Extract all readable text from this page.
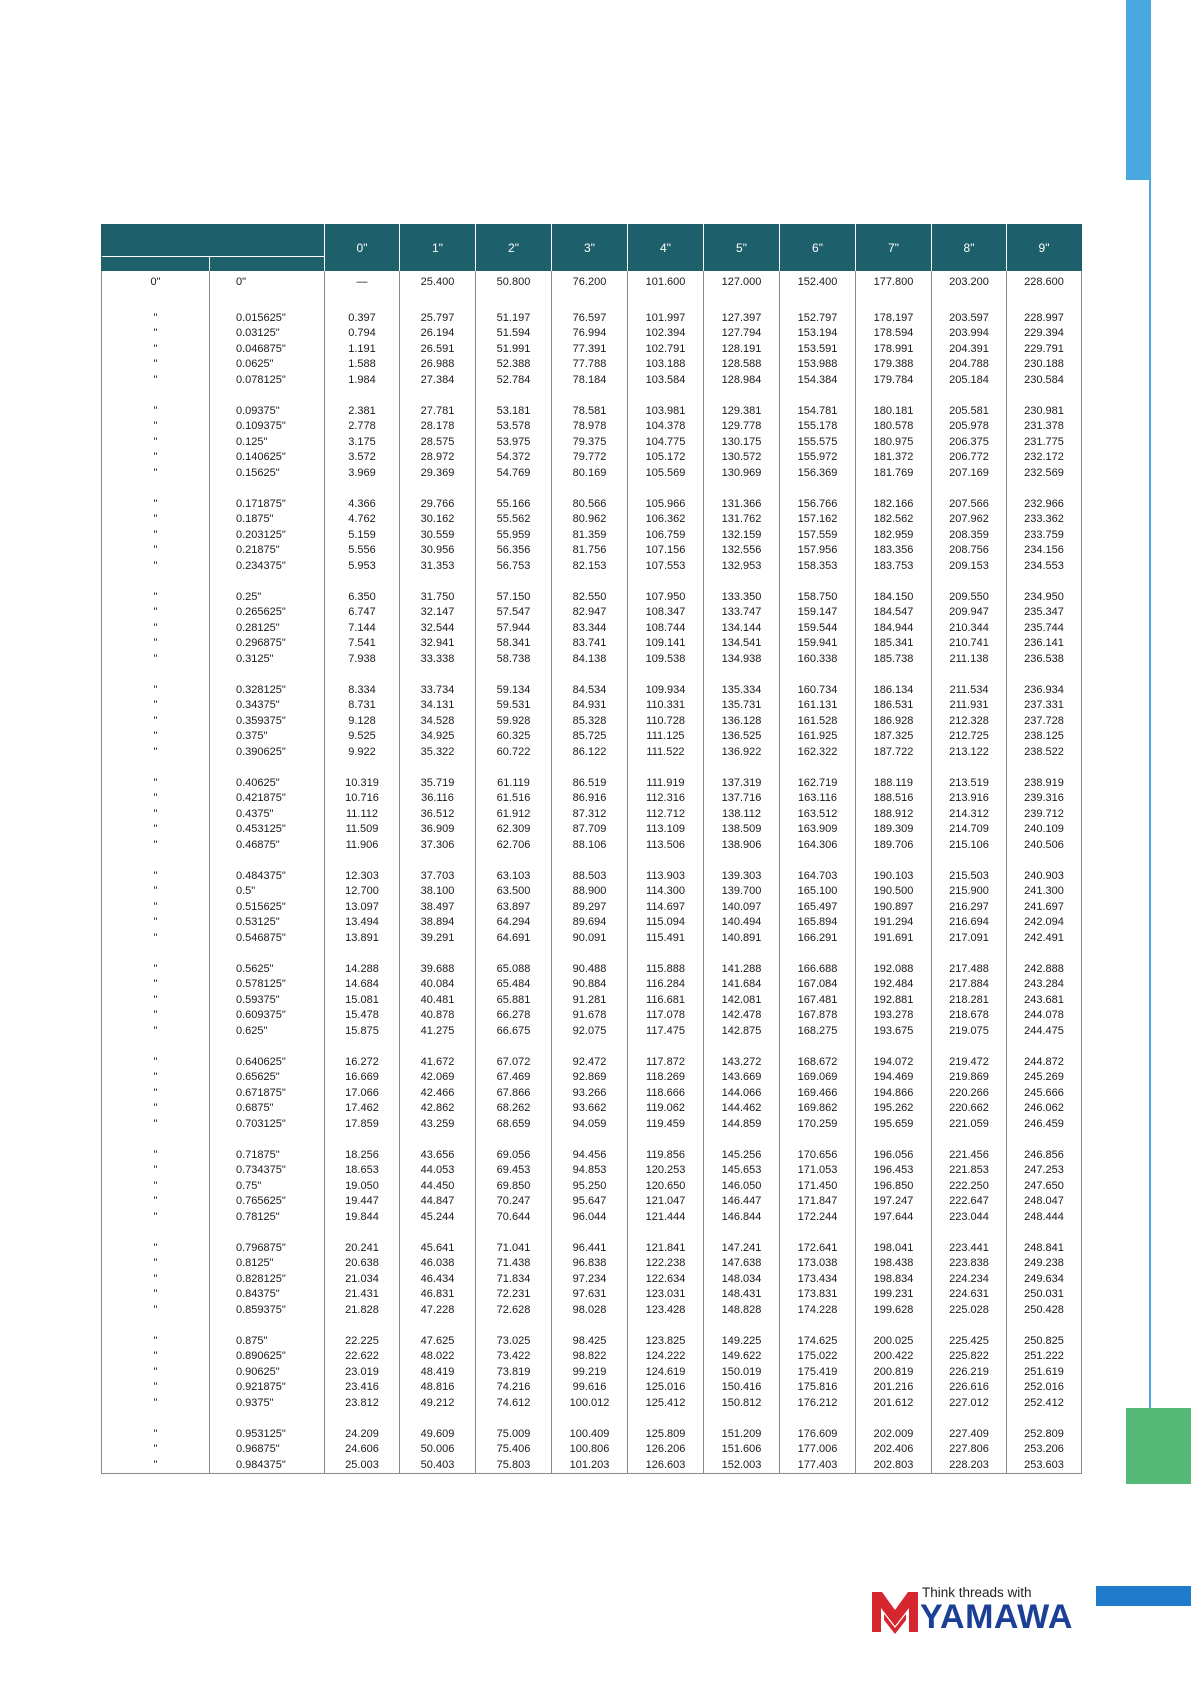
		0"	1"	2"	3"	4"	5"	6"	7"	8"	9"

0"	0"	—	25.400	50.800	76.200	101.600	127.000	152.400	177.800	203.200	228.600

"	0.015625"	0.397	25.797	51.197	76.597	101.997	127.397	152.797	178.197	203.597	228.997
"	0.03125"	0.794	26.194	51.594	76.994	102.394	127.794	153.194	178.594	203.994	229.394
"	0.046875"	1.191	26.591	51.991	77.391	102.791	128.191	153.591	178.991	204.391	229.791
"	0.0625"	1.588	26.988	52.388	77.788	103.188	128.588	153.988	179.388	204.788	230.188
"	0.078125"	1.984	27.384	52.784	78.184	103.584	128.984	154.384	179.784	205.184	230.584

"	0.09375"	2.381	27.781	53.181	78.581	103.981	129.381	154.781	180.181	205.581	230.981
"	0.109375"	2.778	28.178	53.578	78.978	104.378	129.778	155.178	180.578	205.978	231.378
"	0.125"	3.175	28.575	53.975	79.375	104.775	130.175	155.575	180.975	206.375	231.775
"	0.140625"	3.572	28.972	54.372	79.772	105.172	130.572	155.972	181.372	206.772	232.172
"	0.15625"	3.969	29.369	54.769	80.169	105.569	130.969	156.369	181.769	207.169	232.569

"	0.171875"	4.366	29.766	55.166	80.566	105.966	131.366	156.766	182.166	207.566	232.966
"	0.1875"	4.762	30.162	55.562	80.962	106.362	131.762	157.162	182.562	207.962	233.362
"	0.203125"	5.159	30.559	55.959	81.359	106.759	132.159	157.559	182.959	208.359	233.759
"	0.21875"	5.556	30.956	56.356	81.756	107.156	132.556	157.956	183.356	208.756	234.156
"	0.234375"	5.953	31.353	56.753	82.153	107.553	132.953	158.353	183.753	209.153	234.553

"	0.25"	6.350	31.750	57.150	82.550	107.950	133.350	158.750	184.150	209.550	234.950
"	0.265625"	6.747	32.147	57.547	82.947	108.347	133.747	159.147	184.547	209.947	235.347
"	0.28125"	7.144	32.544	57.944	83.344	108.744	134.144	159.544	184.944	210.344	235.744
"	0.296875"	7.541	32.941	58.341	83.741	109.141	134.541	159.941	185.341	210.741	236.141
"	0.3125"	7.938	33.338	58.738	84.138	109.538	134.938	160.338	185.738	211.138	236.538

"	0.328125"	8.334	33.734	59.134	84.534	109.934	135.334	160.734	186.134	211.534	236.934
"	0.34375"	8.731	34.131	59.531	84.931	110.331	135.731	161.131	186.531	211.931	237.331
"	0.359375"	9.128	34.528	59.928	85.328	110.728	136.128	161.528	186.928	212.328	237.728
"	0.375"	9.525	34.925	60.325	85.725	111.125	136.525	161.925	187.325	212.725	238.125
"	0.390625"	9.922	35.322	60.722	86.122	111.522	136.922	162.322	187.722	213.122	238.522

"	0.40625"	10.319	35.719	61.119	86.519	111.919	137.319	162.719	188.119	213.519	238.919
"	0.421875"	10.716	36.116	61.516	86.916	112.316	137.716	163.116	188.516	213.916	239.316
"	0.4375"	11.112	36.512	61.912	87.312	112.712	138.112	163.512	188.912	214.312	239.712
"	0.453125"	11.509	36.909	62.309	87.709	113.109	138.509	163.909	189.309	214.709	240.109
"	0.46875"	11.906	37.306	62.706	88.106	113.506	138.906	164.306	189.706	215.106	240.506

"	0.484375"	12.303	37.703	63.103	88.503	113.903	139.303	164.703	190.103	215.503	240.903
"	0.5"	12.700	38.100	63.500	88.900	114.300	139.700	165.100	190.500	215.900	241.300
"	0.515625"	13.097	38.497	63.897	89.297	114.697	140.097	165.497	190.897	216.297	241.697
"	0.53125"	13.494	38.894	64.294	89.694	115.094	140.494	165.894	191.294	216.694	242.094
"	0.546875"	13.891	39.291	64.691	90.091	115.491	140.891	166.291	191.691	217.091	242.491

"	0.5625"	14.288	39.688	65.088	90.488	115.888	141.288	166.688	192.088	217.488	242.888
"	0.578125"	14.684	40.084	65.484	90.884	116.284	141.684	167.084	192.484	217.884	243.284
"	0.59375"	15.081	40.481	65.881	91.281	116.681	142.081	167.481	192.881	218.281	243.681
"	0.609375"	15.478	40.878	66.278	91.678	117.078	142.478	167.878	193.278	218.678	244.078
"	0.625"	15.875	41.275	66.675	92.075	117.475	142.875	168.275	193.675	219.075	244.475

"	0.640625"	16.272	41.672	67.072	92.472	117.872	143.272	168.672	194.072	219.472	244.872
"	0.65625"	16.669	42.069	67.469	92.869	118.269	143.669	169.069	194.469	219.869	245.269
"	0.671875"	17.066	42.466	67.866	93.266	118.666	144.066	169.466	194.866	220.266	245.666
"	0.6875"	17.462	42.862	68.262	93.662	119.062	144.462	169.862	195.262	220.662	246.062
"	0.703125"	17.859	43.259	68.659	94.059	119.459	144.859	170.259	195.659	221.059	246.459

"	0.71875"	18.256	43.656	69.056	94.456	119.856	145.256	170.656	196.056	221.456	246.856
"	0.734375"	18.653	44.053	69.453	94.853	120.253	145.653	171.053	196.453	221.853	247.253
"	0.75"	19.050	44.450	69.850	95.250	120.650	146.050	171.450	196.850	222.250	247.650
"	0.765625"	19.447	44.847	70.247	95.647	121.047	146.447	171.847	197.247	222.647	248.047
"	0.78125"	19.844	45.244	70.644	96.044	121.444	146.844	172.244	197.644	223.044	248.444

"	0.796875"	20.241	45.641	71.041	96.441	121.841	147.241	172.641	198.041	223.441	248.841
"	0.8125"	20.638	46.038	71.438	96.838	122.238	147.638	173.038	198.438	223.838	249.238
"	0.828125"	21.034	46.434	71.834	97.234	122.634	148.034	173.434	198.834	224.234	249.634
"	0.84375"	21.431	46.831	72.231	97.631	123.031	148.431	173.831	199.231	224.631	250.031
"	0.859375"	21.828	47.228	72.628	98.028	123.428	148.828	174.228	199.628	225.028	250.428

"	0.875"	22.225	47.625	73.025	98.425	123.825	149.225	174.625	200.025	225.425	250.825
"	0.890625"	22.622	48.022	73.422	98.822	124.222	149.622	175.022	200.422	225.822	251.222
"	0.90625"	23.019	48.419	73.819	99.219	124.619	150.019	175.419	200.819	226.219	251.619
"	0.921875"	23.416	48.816	74.216	99.616	125.016	150.416	175.816	201.216	226.616	252.016
"	0.9375"	23.812	49.212	74.612	100.012	125.412	150.812	176.212	201.612	227.012	252.412

"	0.953125"	24.209	49.609	75.009	100.409	125.809	151.209	176.609	202.009	227.409	252.809
"	0.96875"	24.606	50.006	75.406	100.806	126.206	151.606	177.006	202.406	227.806	253.206
"	0.984375"	25.003	50.403	75.803	101.203	126.603	152.003	177.403	202.803	228.203	253.603
Think threads with
YAMAWA
